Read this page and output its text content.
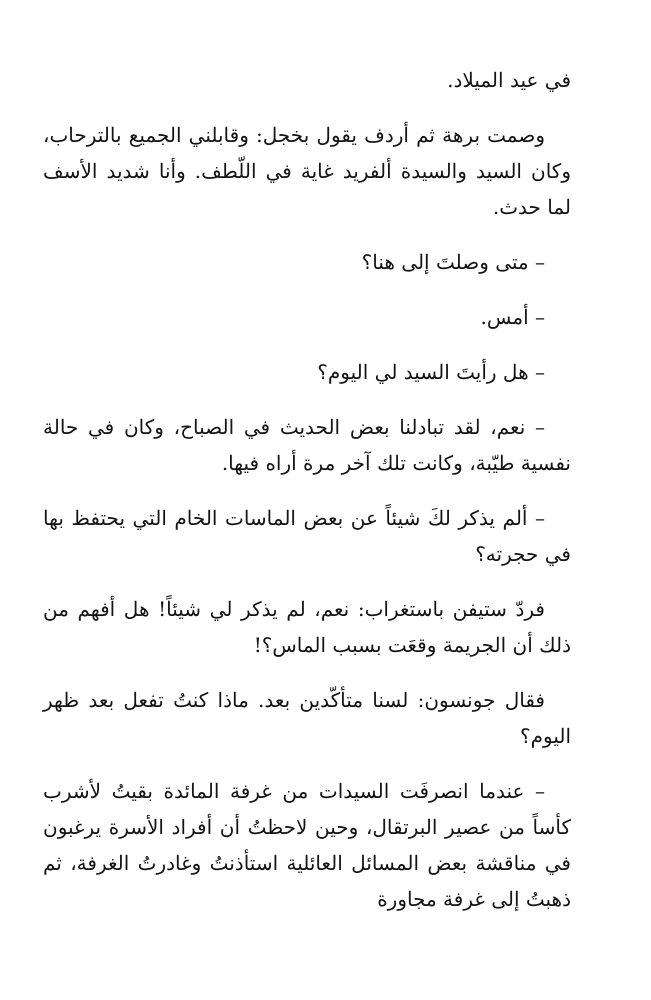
في عيد الميلاد.

وصمت برهة ثم أردف يقول بخجل: وقابلني الجميع بالترحاب، وكان السيد والسيدة ألفريد غاية في اللّطف. وأنا شديد الأسف لما حدث.

– متى وصلتَ إلى هنا؟

– أمس.

– هل رأيتَ السيد لي اليوم؟

– نعم، لقد تبادلنا بعض الحديث في الصباح، وكان في حالة نفسية طيّبة، وكانت تلك آخر مرة أراه فيها.

– ألم يذكر لكَ شيئاً عن بعض الماسات الخام التي يحتفظ بها في حجرته؟

فردّ ستيفن باستغراب: نعم، لم يذكر لي شيئاً! هل أفهم من ذلك أن الجريمة وقعَت بسبب الماس؟!

فقال جونسون: لسنا متأكّدين بعد. ماذا كنتُ تفعل بعد ظهر اليوم؟

– عندما انصرفَت السيدات من غرفة المائدة بقيتُ لأشرب كأساً من عصير البرتقال، وحين لاحظتُ أن أفراد الأسرة يرغبون في مناقشة بعض المسائل العائلية استأذنتُ وغادرتُ الغرفة، ثم ذهبتُ إلى غرفة مجاورة
